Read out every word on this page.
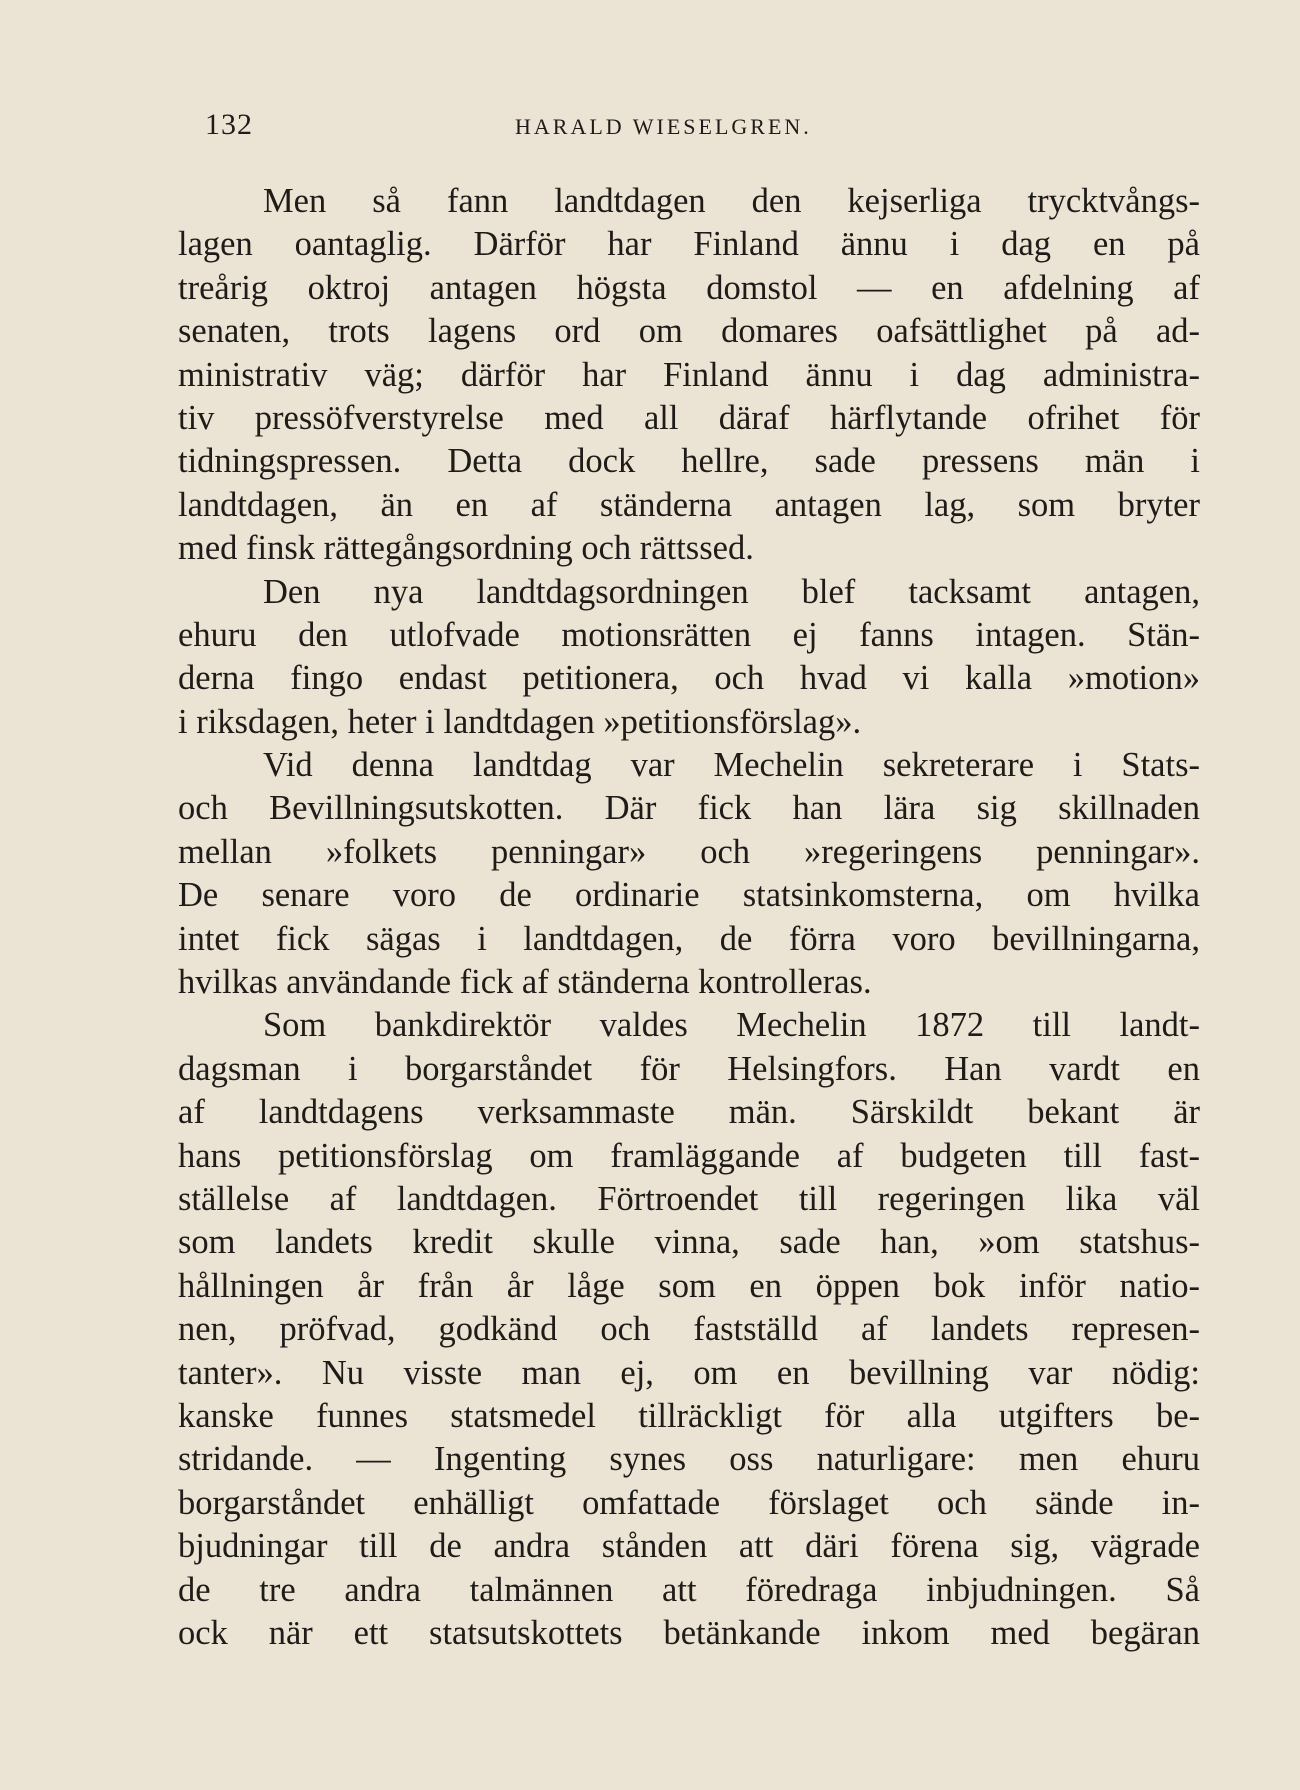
132	HARALD WIESELGREN.
Men så fann landtdagen den kejserliga trycktvångs-
lagen oantaglig. Därför har Finland ännu i dag en på
treårig oktroj antagen högsta domstol — en afdelning af
senaten, trots lagens ord om domares oafsättlighet på ad-
ministrativ väg; därför har Finland ännu i dag administra-
tiv pressöfverstyrelse med all däraf härflytande ofrihet för
tidningspressen. Detta dock hellre, sade pressens män i
landtdagen, än en af ständerna antagen lag, som bryter
med finsk rättegångsordning och rättssed.
Den nya landtdagsordningen blef tacksamt antagen,
ehuru den utlofvade motionsrätten ej fanns intagen. Stän-
derna fingo endast petitionera, och hvad vi kalla »motion»
i riksdagen, heter i landtdagen »petitionsförslag».
Vid denna landtdag var Mechelin sekreterare i Stats-
och Bevillningsutskotten. Där fick han lära sig skillnaden
mellan »folkets penningar» och »regeringens penningar».
De senare voro de ordinarie statsinkomsterna, om hvilka
intet fick sägas i landtdagen, de förra voro bevillningarna,
hvilkas användande fick af ständerna kontrolleras.
Som bankdirektör valdes Mechelin 1872 till landt-
dagsman i borgarståndet för Helsingfors. Han vardt en
af landtdagens verksammaste män. Särskildt bekant är
hans petitionsförslag om framläggande af budgeten till fast-
ställelse af landtdagen. Förtroendet till regeringen lika väl
som landets kredit skulle vinna, sade han, »om statshus-
hållningen år från år låge som en öppen bok inför natio-
nen, pröfvad, godkänd och fastställd af landets represen-
tanter». Nu visste man ej, om en bevillning var nödig:
kanske funnes statsmedel tillräckligt för alla utgifters be-
stridande. — Ingenting synes oss naturligare: men ehuru
borgarståndet enhälligt omfattade förslaget och sände in-
bjudningar till de andra stånden att däri förena sig, vägrade
de tre andra talmännen att föredraga inbjudningen. Så
ock när ett statsutskottets betänkande inkom med begäran
